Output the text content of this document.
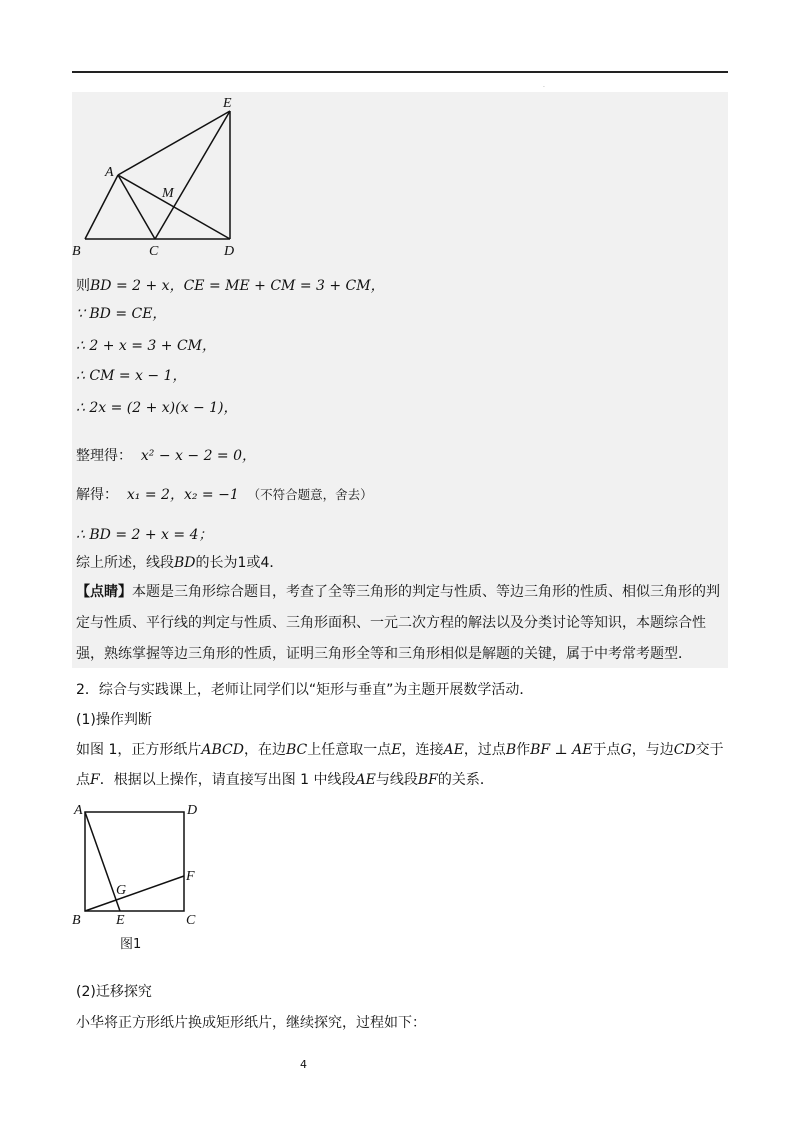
·
E
A
M
B	C	D
则BD = 2 + x，CE = ME + CM = 3 + CM，
∵ BD = CE，
∴ 2 + x = 3 + CM，
∴ CM = x − 1，
∴ 2x = (2 + x)(x − 1)，
整理得： x² − x − 2 = 0，
解得： x₁ = 2，x₂ = −1 （不符合题意，舍去）
∴ BD = 2 + x = 4；
综上所述，线段BD的长为1或4．
【点睛】本题是三角形综合题目，考查了全等三角形的判定与性质、等边三角形的性质、相似三角形的判定与性质、平行线的判定与性质、三角形面积、一元二次方程的解法以及分类讨论等知识，本题综合性强，熟练掌握等边三角形的性质，证明三角形全等和三角形相似是解题的关键，属于中考常考题型．
2．综合与实践课上，老师让同学们以“矩形与垂直”为主题开展数学活动．
(1)操作判断
如图 1，正方形纸片ABCD，在边BC上任意取一点E，连接AE，过点B作BF ⊥ AE于点G，与边CD交于点F．根据以上操作，请直接写出图 1 中线段AE与线段BF的关系．
A	D
F
G
B	E	C
图1
(2)迁移探究
小华将正方形纸片换成矩形纸片，继续探究，过程如下：
4
